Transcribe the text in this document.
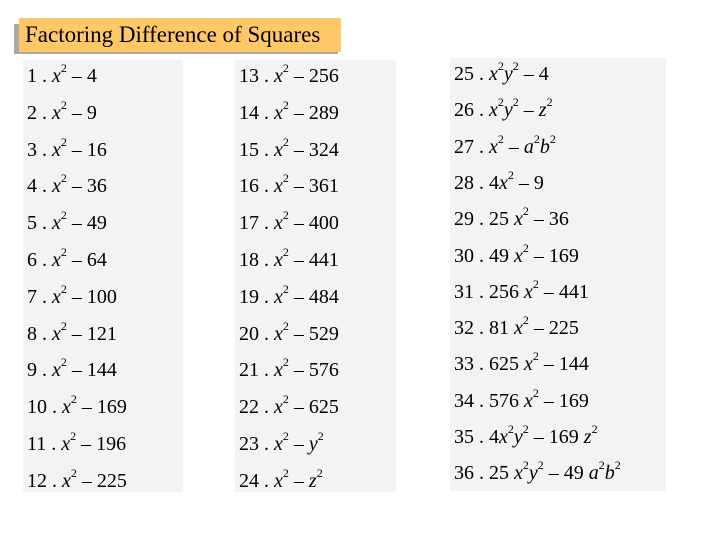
Factoring Difference of Squares
1 . $x^2 - 4$
2 . $x^2 - 9$
3 . $x^2 - 16$
4 . $x^2 - 36$
5 . $x^2 - 49$
6 . $x^2 - 64$
7 . $x^2 - 100$
8 . $x^2 - 121$
9 . $x^2 - 144$
10 . $x^2 - 169$
11 . $x^2 - 196$
12 . $x^2 - 225$
13 . $x^2 - 256$
14 . $x^2 - 289$
15 . $x^2 - 324$
16 . $x^2 - 361$
17 . $x^2 - 400$
18 . $x^2 - 441$
19 . $x^2 - 484$
20 . $x^2 - 529$
21 . $x^2 - 576$
22 . $x^2 - 625$
23 . $x^2 - y^2$
24 . $x^2 - z^2$
25 . $x^2y^2 - 4$
26 . $x^2y^2 - z^2$
27 . $x^2 - a^2b^2$
28 . $4x^2 - 9$
29 . 25 $x^2 - 36$
30 . 49 $x^2 - 169$
31 . 256 $x^2 - 441$
32 . 81 $x^2 - 225$
33 . 625 $x^2 - 144$
34 . 576 $x^2 - 169$
35 . $4x^2y^2 - 169$ $z^2$
36 . 25 $x^2y^2 - 49$ $a^2b^2$
